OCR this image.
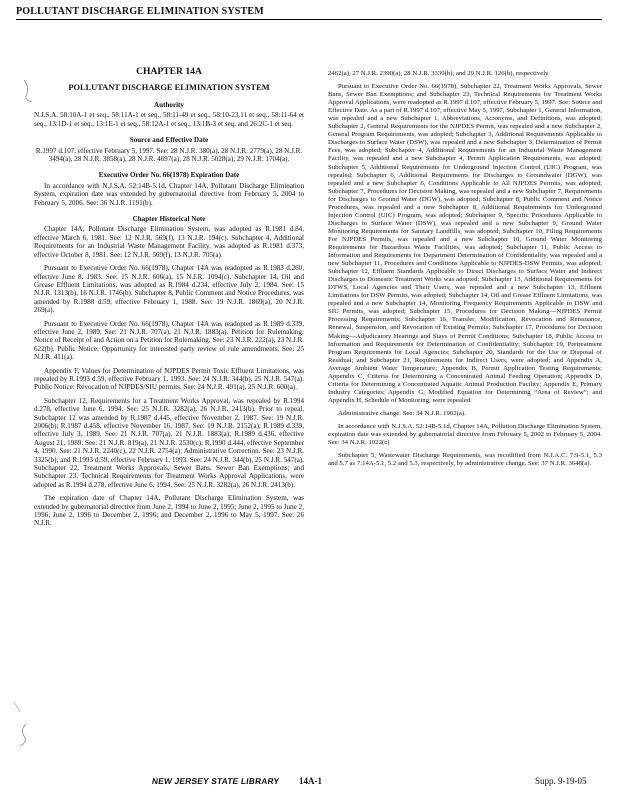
POLLUTANT DISCHARGE ELIMINATION SYSTEM
CHAPTER 14A
POLLUTANT DISCHARGE ELIMINATION SYSTEM
Authority

N.J.S.A. 58:10A-1 et seq., 58:11A-1 et seq., 58:11-49 et seq., 58:10-23.11 et seq., 58:11-64 et seq., 13:1D-1 et seq., 13:1E-1 et seq., 58:12A-1 et seq., 13:1B-3 et seq. and 26:2C-1 et seq.

Source and Effective Date

R.1997 d.107, effective February 5, 1997. See: 28 N.J.R. 380(a), 28 N.J.R. 2779(a), 28 N.J.R. 3494(a), 28 N.J.R. 3858(a), 28 N.J.R. 4697(a), 28 N.J.R. 5028(a), 29 N.J.R. 1704(a).

Executive Order No. 66(1978) Expiration Date

In accordance with N.J.S.A. 52:14B-5.1d, Chapter 14A, Pollutant Discharge Elimination System, expiration date was extended by gubernatorial directive from February 5, 2004 to February 5, 2006. See: 36 N.J.R. 1191(b).

Chapter Historical Note

Chapter 14A, Pollutant Discharge Elimination System, was adopted as R.1981 d.84, effective March 6, 1981. See: 12 N.J.R. 569(f), 13 N.J.R. 194(c). Subchapter 4, Additional Requirements for an Industrial Waste Management Facility, was adopted as R.1981 d.373, effective October 8, 1981. See: 12 N.J.R. 569(f), 13 N.J.R. 705(a).

Pursuant to Executive Order No. 66(1978), Chapter 14A was readopted as R.1983 d.260, effective June 8, 1983. See: 15 N.J.R. 606(a), 15 N.J.R. 1094(c). Subchapter 14, Oil and Grease Effluent Limitations, was adopted as R.1984 d.234, effective July 2, 1984. See: 15 N.J.R. 1313(b), 16 N.J.R. 1746(b). Subchapter 8, Public Comment and Notice Procedures, was amended by R.1988 d.59, effective February 1, 1988. See: 19 N.J.R. 1869(a), 20 N.J.R. 269(a).

Pursuant to Executive Order No. 66(1978), Chapter 14A was readopted as R.1989 d.339, effective June 2, 1989. See: 21 N.J.R. 707(a), 21 N.J.R. 1883(a). Petition for Rulemaking: Notice of Receipt of and Action on a Petition for Rulemaking. See: 23 N.J.R. 222(a), 23 N.J.R. 622(b). Public Notice: Opportunity for interested party review of rule amendments. See: 25 N.J.R. 411(a).

Appendix F, Values for Determination of NJPDES Permit Toxic Effluent Limitations, was repealed by R.1993 d.59, effective February 1, 1993. See: 24 N.J.R. 344(b), 25 N.J.R. 547(a). Public Notice: Revocation of NJPDES/SIU permits. See: 24 N.J.R. 491(a), 25 N.J.R. 600(a).

Subchapter 12, Requirements for a Treatment Works Approval, was repealed by R.1994 d.278, effective June 6, 1994. See: 25 N.J.R. 3282(a), 26 N.J.R. 2413(b). Prior to repeal, Subchapter 12 was amended by R.1987 d.445, effective November 2, 1987. See: 19 N.J.R. 2006(b); R.1987 d.458, effective November 16, 1987. See: 19 N.J.R. 2152(a); R.1989 d.339, effective July 3, 1989. See: 21 N.J.R. 707(a), 21 N.J.R. 1883(a); R.1989 d.436, effective August 21, 1989. See: 21 N.J.R. 819(a), 21 N.J.R. 2530(c); R.1990 d.444, effective September 4, 1990. See: 21 N.J.R. 2240(c), 22 N.J.R. 2754(a); Administrative Correction. See: 23 N.J.R. 3325(b); and R.1993 d.59, effective February 1, 1993. See: 24 N.J.R. 344(b), 25 N.J.R. 547(a). Subchapter 22, Treatment Works Approvals, Sewer Bans, Sewer Ban Exemptions; and Subchapter 23, Technical Requirements for Treatment Works Approval Applications, were adopted as R.1994 d.278, effective June 6, 1994. See: 25 N.J.R. 3282(a), 26 N.J.R. 2413(b).

The expiration date of Chapter 14A, Pollutant Discharge Elimination System, was extended by gubernatorial directive from June 2, 1994 to June 2, 1995; June 2, 1995 to June 2, 1996; June 2, 1996 to December 2, 1996; and December 2, 1996 to May 5, 1997. See: 26 N.J.R.

2462(a), 27 N.J.R. 2390(a), 28 N.J.R. 3330(b), and 29 N.J.R. 126(b), respectively.

Pursuant to Executive Order No. 66(1978), Subchapter 22, Treatment Works Approvals, Sewer Bans, Sewer Ban Exemptions; and Subchapter 23, Technical Requirements for Treatment Works Approval Applications, were readopted as R.1997 d.107, effective February 5, 1997. See: Source and Effective Date. As a part of R.1997 d.107, effective May 5, 1997, Subchapter 1, General Information, was repealed and a new Subchapter 1, Abbreviations, Acronyms, and Definitions, was adopted; Subchapter 2, General Requirements for the NJPDES Permit, was repealed and a new Subchapter 2, General Program Requirements, was adopted; Subchapter 3, Additional Requirements Applicable to Discharges to Surface Water (DSW), was repealed and a new Subchapter 3, Determination of Permit Fees, was adopted; Subchapter 4, Additional Requirements for an Industrial Waste Management Facility, was repealed and a new Subchapter 4, Permit Application Requirements, was adopted; Subchapter 5, Additional Requirements for Underground Injection Control (UIC) Program, was repealed; Subchapter 6, Additional Requirements for Discharges to Groundwater (DGW), was repealed and a new Subchapter 6, Conditions Applicable to All NJPDES Permits, was adopted; Subchapter 7, Procedures for Decision Making, was repealed and a new Subchapter 7, Requirements for Discharges to Ground Water (DGW), was adopted; Subchapter 8, Public Comment and Notice Procedures, was repealed and a new Subchapter 8, Additional Requirements for Underground Injection Control (UIC) Program, was adopted; Subchapter 9, Specific Procedures Applicable to Discharges to Surface Water (DSW), was repealed and a new Subchapter 9, Ground Water Monitoring Requirements for Sanitary Landfills, was adopted; Subchapter 10, Filing Requirements For NJPDES Permits, was repealed and a new Subchapter 10, Ground Water Monitoring Requirements for Hazardous Waste Facilities, was adopted; Subchapter 11, Public Access to Information and Requirements for Department Determination of Confidentiality, was repealed and a new Subchapter 11, Procedures and Conditions Applicable to NJPDES-DSW Permits, was adopted; Subchapter 12, Effluent Standards Applicable to Direct Discharges to Surface Water and Indirect Discharges to Domestic Treatment Works was adopted; Subchapter 13, Additional Requirements for DTWS, Local Agencies and Their Users, was repealed and a new Subchapter 13, Effluent Limitations for DSW Permits, was adopted; Subchapter 14, Oil and Grease Effluent Limitations, was repealed and a new Subchapter 14, Monitoring Frequency Requirements Applicable to DSW and SIU Permits, was adopted; Subchapter 15, Procedures for Decision Making—NJPDES Permit Processing Requirements; Subchapter 16, Transfer, Modification, Revocation and Reissuance, Renewal, Suspension, and Revocation of Existing Permits; Subchapter 17, Procedures for Decision Making—Adjudicatory Hearings and Stays of Permit Conditions; Subchapter 18, Public Access to Information and Requirements for Determination of Confidentiality; Subchapter 19, Pretreatment Program Requirements for Local Agencies; Subchapter 20, Standards for the Use or Disposal of Residual; and Subchapter 21, Requirements for Indirect Users, were adopted; and Appendix A, Average Ambient Water Temperature; Appendix B, Permit Application Testing Requirements; Appendix C, Criteria for Determining a Concentrated Animal Feeding Operation; Appendix D, Criteria for Determining a Concentrated Aquatic Animal Production Facility; Appendix E, Primary Industry Categories; Appendix G, Modified Equation for Determining “Area of Review”; and Appendix H, Schedule of Monitoring, were repealed.

Administrative change. See: 34 N.J.R. 1902(a).

In accordance with N.J.S.A. 52:14B-5.1d, Chapter 14A, Pollution Discharge Elimination System, expiration date was extended by gubernatorial directive from February 5, 2002 to February 5, 2004. See: 34 N.J.R. 1022(c)

Subchapter 5, Wastewater Discharge Requirements, was recodified from N.J.A.C. 7:9-5.1, 5.3 and 5.7 as 7:14A-5.1, 5.2 and 5.3, respectively, by administrative change. See: 37 N.J.R. 3648(a).

NEW JERSEY STATE LIBRARY 14A-1	Supp. 9-19-05
